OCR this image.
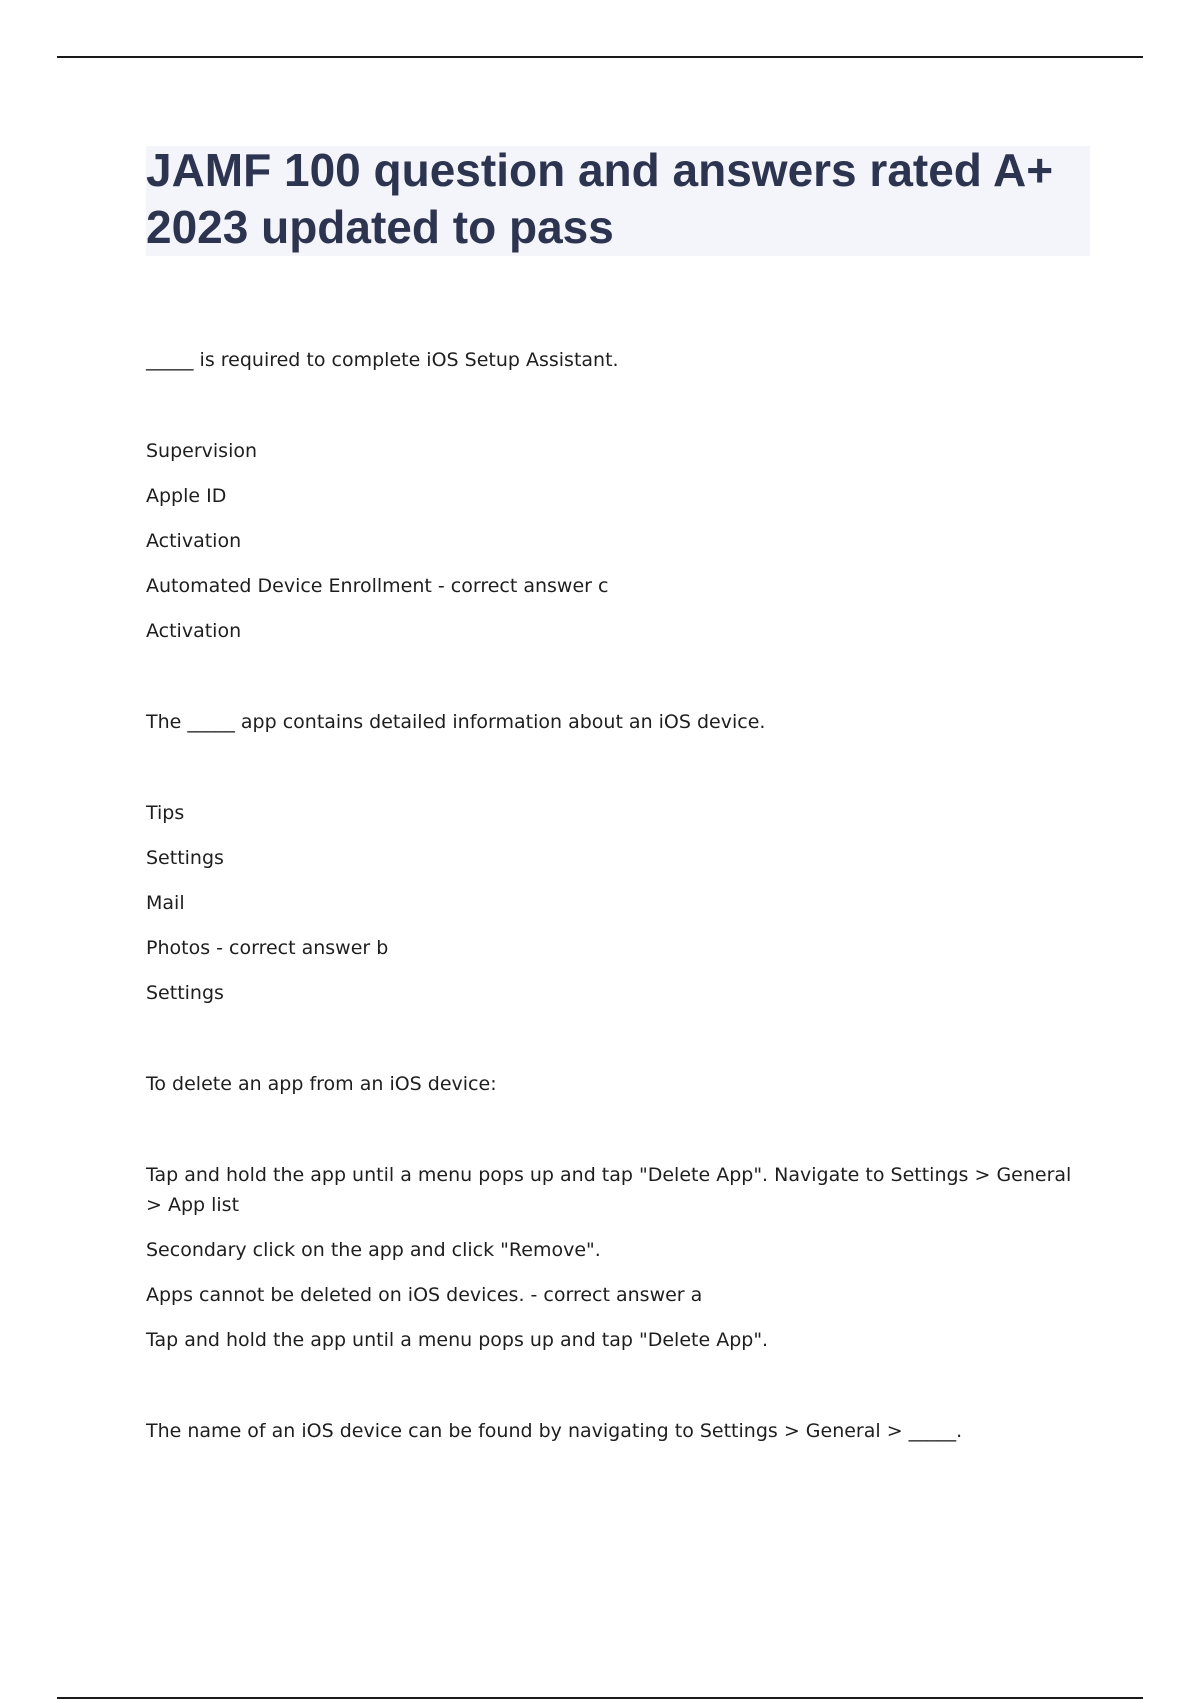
JAMF 100 question and answers rated A+ 2023 updated to pass

_____ is required to complete iOS Setup Assistant.

Supervision

Apple ID

Activation

Automated Device Enrollment - correct answer c

Activation

The _____ app contains detailed information about an iOS device.

Tips

Settings

Mail

Photos - correct answer b

Settings

To delete an app from an iOS device:

Tap and hold the app until a menu pops up and tap "Delete App". Navigate to Settings > General > App list

Secondary click on the app and click "Remove".

Apps cannot be deleted on iOS devices. - correct answer a

Tap and hold the app until a menu pops up and tap "Delete App".

The name of an iOS device can be found by navigating to Settings > General > _____.
